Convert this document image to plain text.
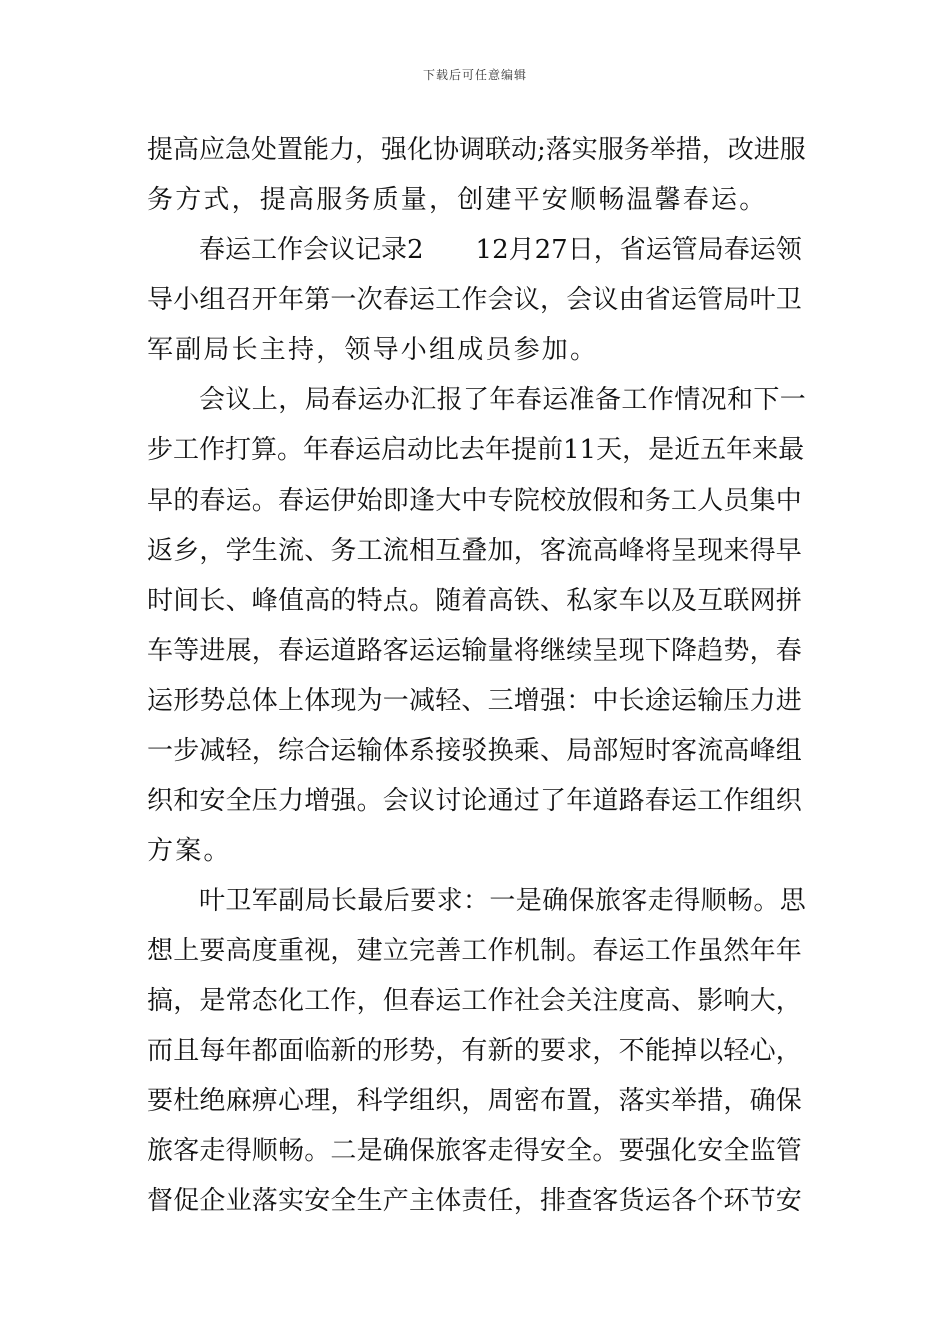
下载后可任意编辑
提高应急处置能力，强化协调联动;落实服务举措，改进服
务方式，提高服务质量，创建平安顺畅温馨春运。
春运工作会议记录2　　12月27日，省运管局春运领
导小组召开年第一次春运工作会议，会议由省运管局叶卫
军副局长主持，领导小组成员参加。
会议上，局春运办汇报了年春运准备工作情况和下一
步工作打算。年春运启动比去年提前11天，是近五年来最
早的春运。春运伊始即逢大中专院校放假和务工人员集中
返乡，学生流、务工流相互叠加，客流高峰将呈现来得早
时间长、峰值高的特点。随着高铁、私家车以及互联网拼
车等进展，春运道路客运运输量将继续呈现下降趋势，春
运形势总体上体现为一减轻、三增强：中长途运输压力进
一步减轻，综合运输体系接驳换乘、局部短时客流高峰组
织和安全压力增强。会议讨论通过了年道路春运工作组织
方案。
叶卫军副局长最后要求：一是确保旅客走得顺畅。思
想上要高度重视，建立完善工作机制。春运工作虽然年年
搞，是常态化工作，但春运工作社会关注度高、影响大，
而且每年都面临新的形势，有新的要求，不能掉以轻心，
要杜绝麻痹心理，科学组织，周密布置，落实举措，确保
旅客走得顺畅。二是确保旅客走得安全。要强化安全监管
督促企业落实安全生产主体责任，排查客货运各个环节安
